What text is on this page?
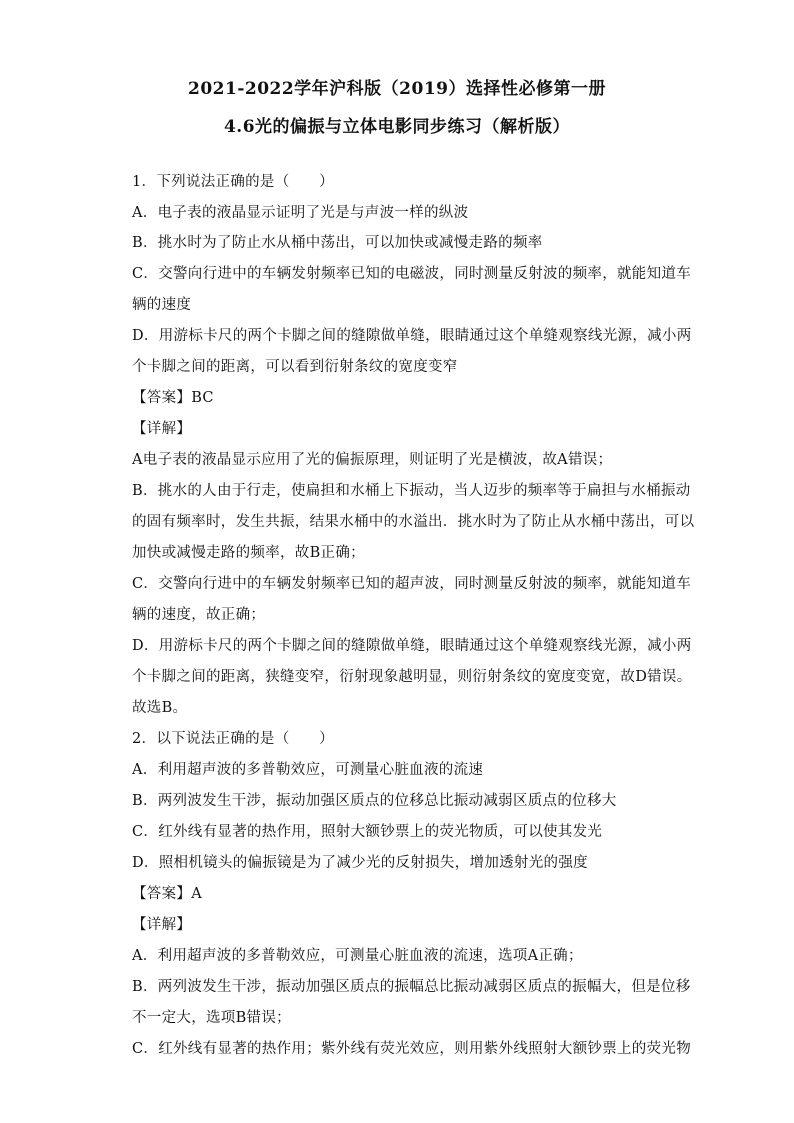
2021-2022学年沪科版（2019）选择性必修第一册
4.6光的偏振与立体电影同步练习（解析版）
1．下列说法正确的是（　　）
A．电子表的液晶显示证明了光是与声波一样的纵波
B．挑水时为了防止水从桶中荡出，可以加快或减慢走路的频率
C．交警向行进中的车辆发射频率已知的电磁波，同时测量反射波的频率，就能知道车
辆的速度
D．用游标卡尺的两个卡脚之间的缝隙做单缝，眼睛通过这个单缝观察线光源，减小两
个卡脚之间的距离，可以看到衍射条纹的宽度变窄
【答案】BC
【详解】
A电子表的液晶显示应用了光的偏振原理，则证明了光是横波，故A错误；
B．挑水的人由于行走，使扁担和水桶上下振动，当人迈步的频率等于扁担与水桶振动
的固有频率时，发生共振，结果水桶中的水溢出．挑水时为了防止从水桶中荡出，可以
加快或减慢走路的频率，故B正确；
C．交警向行进中的车辆发射频率已知的超声波，同时测量反射波的频率，就能知道车
辆的速度，故正确；
D．用游标卡尺的两个卡脚之间的缝隙做单缝，眼睛通过这个单缝观察线光源，减小两
个卡脚之间的距离，狭缝变窄，衍射现象越明显，则衍射条纹的宽度变宽，故D错误。
故选B。
2．以下说法正确的是（　　）
A．利用超声波的多普勒效应，可测量心脏血液的流速
B．两列波发生干涉，振动加强区质点的位移总比振动减弱区质点的位移大
C．红外线有显著的热作用，照射大额钞票上的荧光物质，可以使其发光
D．照相机镜头的偏振镜是为了减少光的反射损失，增加透射光的强度
【答案】A
【详解】
A．利用超声波的多普勒效应，可测量心脏血液的流速，选项A正确；
B．两列波发生干涉，振动加强区质点的振幅总比振动减弱区质点的振幅大，但是位移
不一定大，选项B错误；
C．红外线有显著的热作用；紫外线有荧光效应，则用紫外线照射大额钞票上的荧光物
